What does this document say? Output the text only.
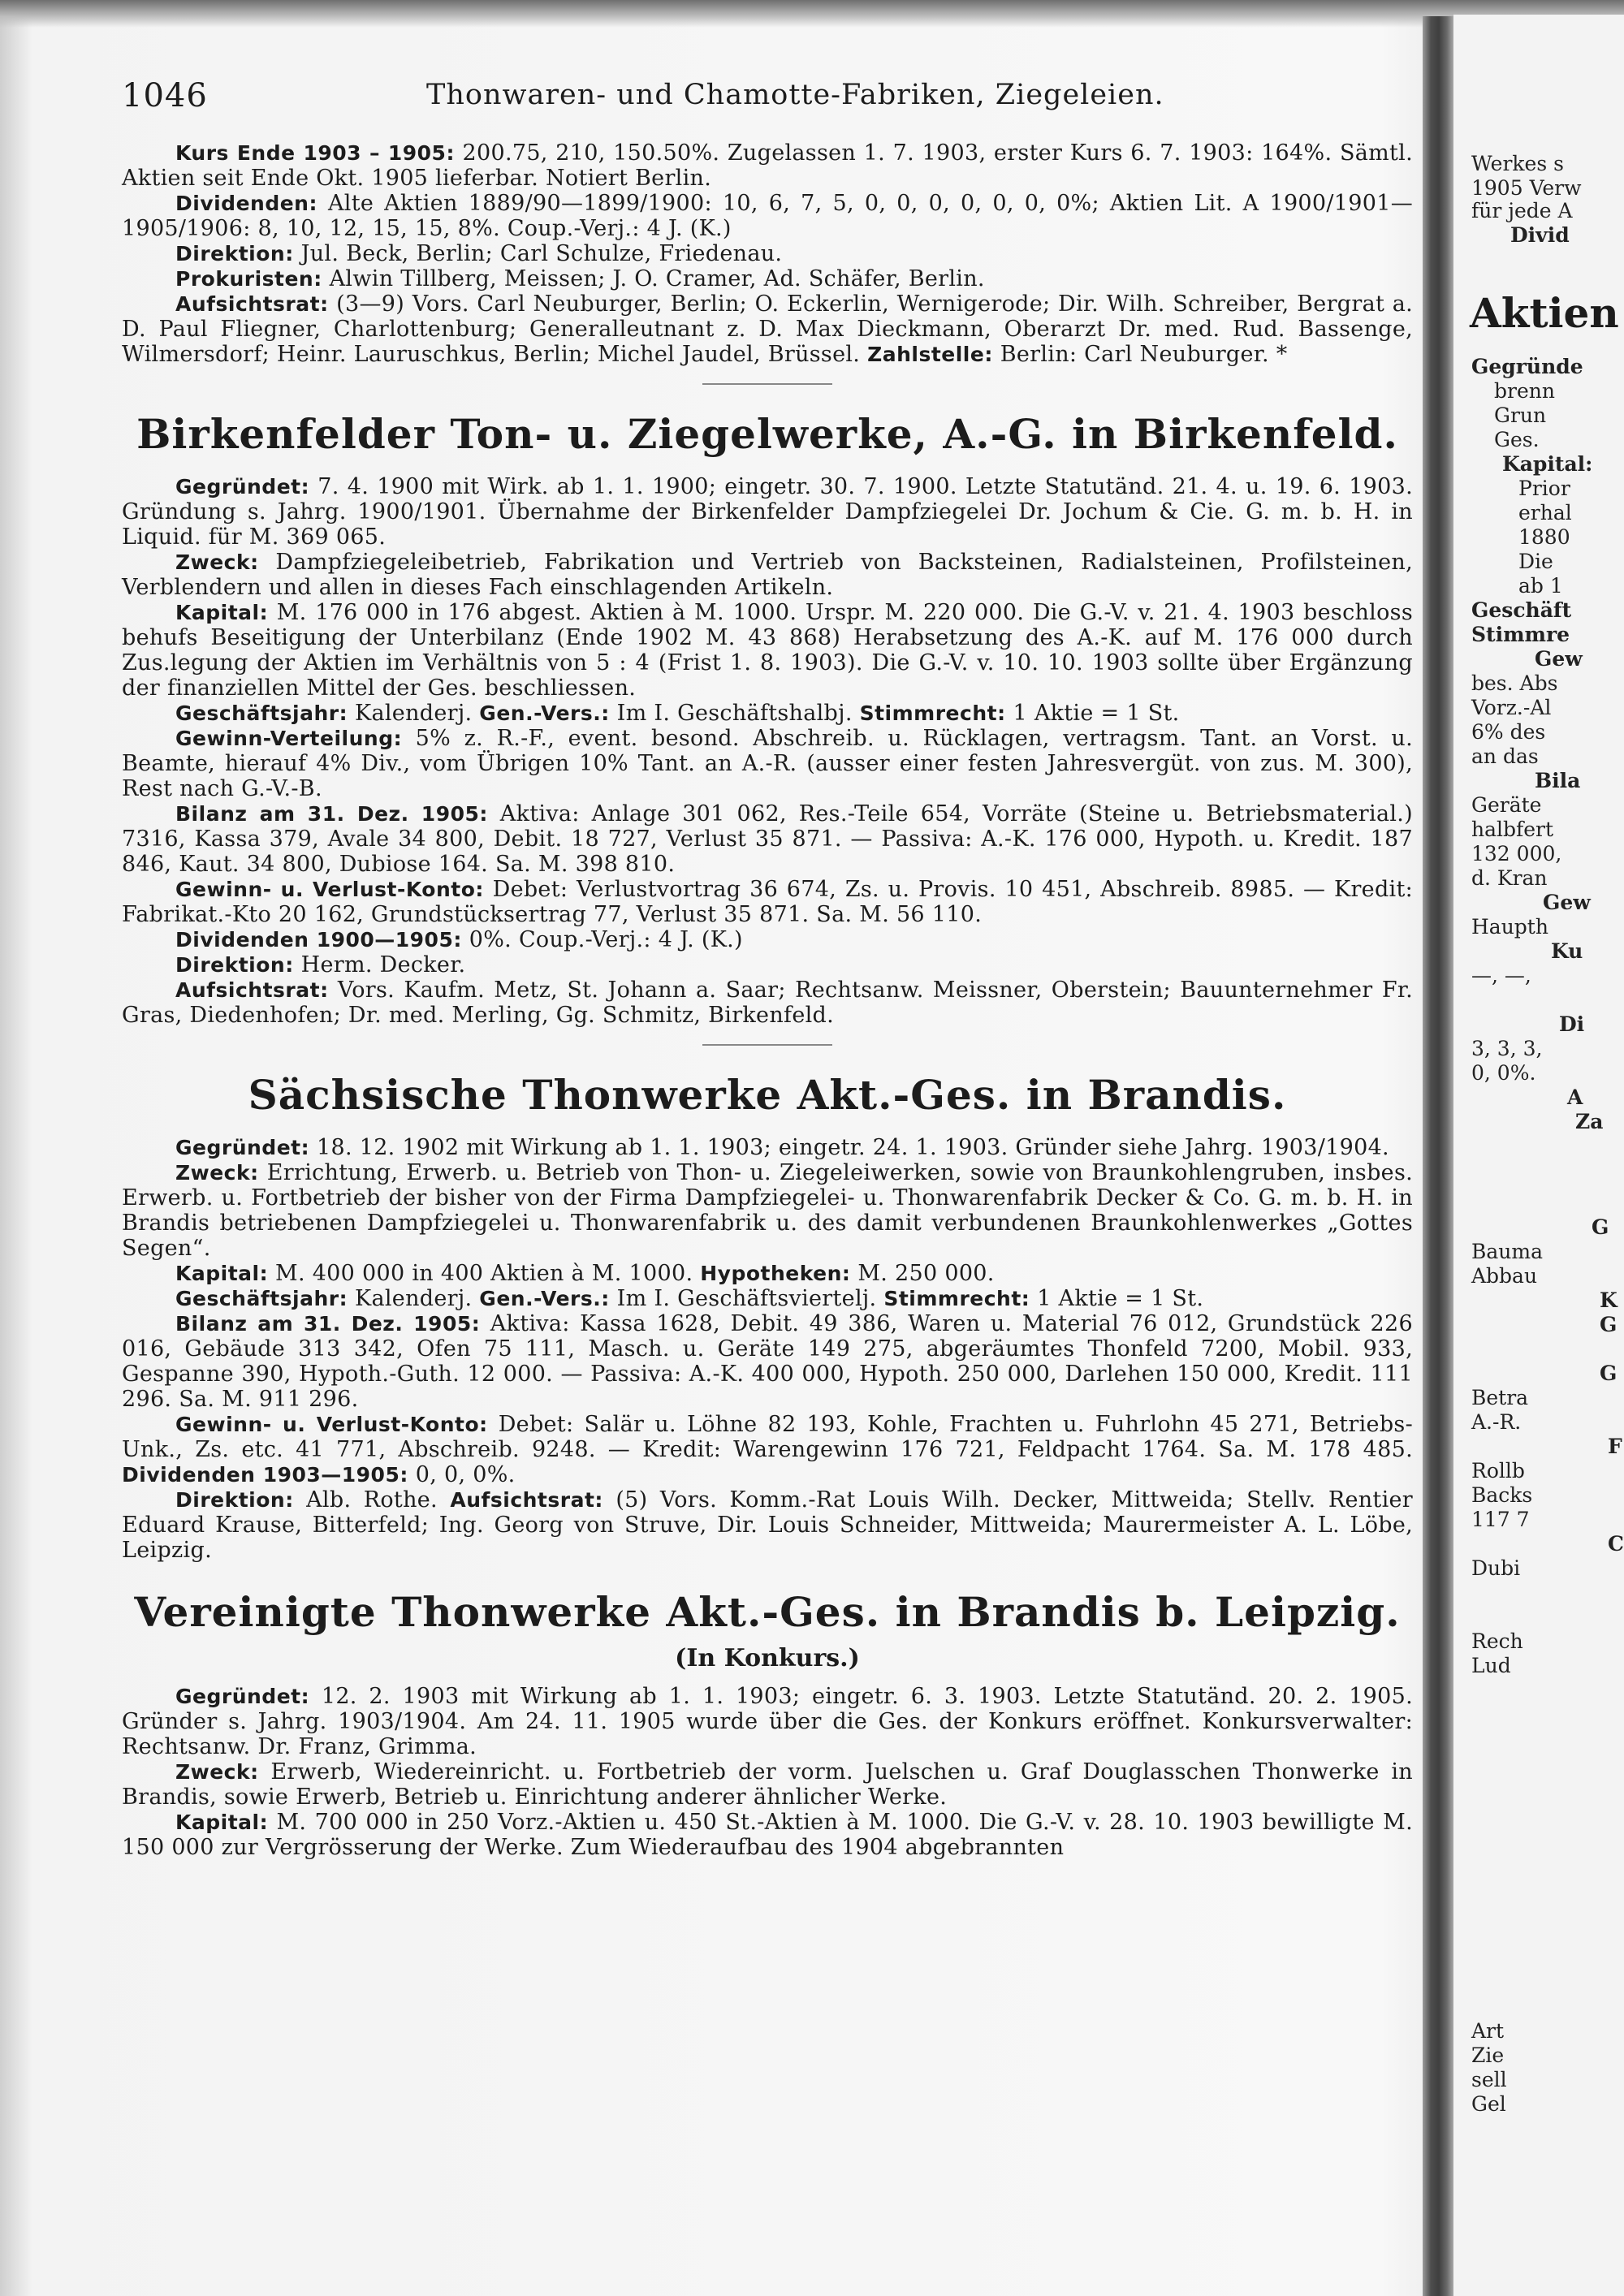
Werkes s
1905 Verw
für jede A
Divid
Aktien
Gegründe
brenn
Grun
Ges.
Kapital:
Prior
erhal
1880
Die
ab 1
Geschäft
Stimmre
Gew
bes. Abs
Vorz.-Al
6% des
an das
Bila
Geräte
halbfert
132 000,
d. Kran
Gew
Haupth
Ku
—, —,
Di
3, 3, 3,
0, 0%.
A
Za
G
Bauma
Abbau
K
G
G
Betra
A.-R.
F
Rollb
Backs
117 7
C
Dubi
Rech
Lud
Art
Zie
sell
Gel
1046	Thonwaren- und Chamotte-Fabriken, Ziegeleien.

Kurs Ende 1903 – 1905: 200.75, 210, 150.50%. Zugelassen 1. 7. 1903, erster Kurs 6. 7. 1903: 164%. Sämtl. Aktien seit Ende Okt. 1905 lieferbar. Notiert Berlin.

Dividenden: Alte Aktien 1889/90—1899/1900: 10, 6, 7, 5, 0, 0, 0, 0, 0, 0, 0%; Aktien Lit. A 1900/1901—1905/1906: 8, 10, 12, 15, 15, 8%. Coup.-Verj.: 4 J. (K.)

Direktion: Jul. Beck, Berlin; Carl Schulze, Friedenau.

Prokuristen: Alwin Tillberg, Meissen; J. O. Cramer, Ad. Schäfer, Berlin.

Aufsichtsrat: (3—9) Vors. Carl Neuburger, Berlin; O. Eckerlin, Wernigerode; Dir. Wilh. Schreiber, Bergrat a. D. Paul Fliegner, Charlottenburg; Generalleutnant z. D. Max Dieckmann, Oberarzt Dr. med. Rud. Bassenge, Wilmersdorf; Heinr. Lauruschkus, Berlin; Michel Jaudel, Brüssel. Zahlstelle: Berlin: Carl Neuburger. *

Birkenfelder Ton- u. Ziegelwerke, A.-G. in Birkenfeld.

Gegründet: 7. 4. 1900 mit Wirk. ab 1. 1. 1900; eingetr. 30. 7. 1900. Letzte Statutänd. 21. 4. u. 19. 6. 1903. Gründung s. Jahrg. 1900/1901. Übernahme der Birkenfelder Dampfziegelei Dr. Jochum & Cie. G. m. b. H. in Liquid. für M. 369 065.

Zweck: Dampfziegeleibetrieb, Fabrikation und Vertrieb von Backsteinen, Radialsteinen, Profilsteinen, Verblendern und allen in dieses Fach einschlagenden Artikeln.

Kapital: M. 176 000 in 176 abgest. Aktien à M. 1000. Urspr. M. 220 000. Die G.-V. v. 21. 4. 1903 beschloss behufs Beseitigung der Unterbilanz (Ende 1902 M. 43 868) Herabsetzung des A.-K. auf M. 176 000 durch Zus.legung der Aktien im Verhältnis von 5 : 4 (Frist 1. 8. 1903). Die G.-V. v. 10. 10. 1903 sollte über Ergänzung der finanziellen Mittel der Ges. beschliessen.

Geschäftsjahr: Kalenderj. Gen.-Vers.: Im I. Geschäftshalbj. Stimmrecht: 1 Aktie = 1 St.

Gewinn-Verteilung: 5% z. R.-F., event. besond. Abschreib. u. Rücklagen, vertragsm. Tant. an Vorst. u. Beamte, hierauf 4% Div., vom Übrigen 10% Tant. an A.-R. (ausser einer festen Jahresvergüt. von zus. M. 300), Rest nach G.-V.-B.

Bilanz am 31. Dez. 1905: Aktiva: Anlage 301 062, Res.-Teile 654, Vorräte (Steine u. Betriebsmaterial.) 7316, Kassa 379, Avale 34 800, Debit. 18 727, Verlust 35 871. — Passiva: A.-K. 176 000, Hypoth. u. Kredit. 187 846, Kaut. 34 800, Dubiose 164. Sa. M. 398 810.

Gewinn- u. Verlust-Konto: Debet: Verlustvortrag 36 674, Zs. u. Provis. 10 451, Abschreib. 8985. — Kredit: Fabrikat.-Kto 20 162, Grundstücksertrag 77, Verlust 35 871. Sa. M. 56 110.

Dividenden 1900—1905: 0%. Coup.-Verj.: 4 J. (K.)

Direktion: Herm. Decker.

Aufsichtsrat: Vors. Kaufm. Metz, St. Johann a. Saar; Rechtsanw. Meissner, Oberstein; Bauunternehmer Fr. Gras, Diedenhofen; Dr. med. Merling, Gg. Schmitz, Birkenfeld.

Sächsische Thonwerke Akt.-Ges. in Brandis.

Gegründet: 18. 12. 1902 mit Wirkung ab 1. 1. 1903; eingetr. 24. 1. 1903. Gründer siehe Jahrg. 1903/1904.

Zweck: Errichtung, Erwerb. u. Betrieb von Thon- u. Ziegeleiwerken, sowie von Braunkohlengruben, insbes. Erwerb. u. Fortbetrieb der bisher von der Firma Dampfziegelei- u. Thonwarenfabrik Decker & Co. G. m. b. H. in Brandis betriebenen Dampfziegelei u. Thonwarenfabrik u. des damit verbundenen Braunkohlenwerkes „Gottes Segen“.

Kapital: M. 400 000 in 400 Aktien à M. 1000. Hypotheken: M. 250 000.

Geschäftsjahr: Kalenderj. Gen.-Vers.: Im I. Geschäftsviertelj. Stimmrecht: 1 Aktie = 1 St.

Bilanz am 31. Dez. 1905: Aktiva: Kassa 1628, Debit. 49 386, Waren u. Material 76 012, Grundstück 226 016, Gebäude 313 342, Ofen 75 111, Masch. u. Geräte 149 275, abgeräumtes Thonfeld 7200, Mobil. 933, Gespanne 390, Hypoth.-Guth. 12 000. — Passiva: A.-K. 400 000, Hypoth. 250 000, Darlehen 150 000, Kredit. 111 296. Sa. M. 911 296.

Gewinn- u. Verlust-Konto: Debet: Salär u. Löhne 82 193, Kohle, Frachten u. Fuhrlohn 45 271, Betriebs-Unk., Zs. etc. 41 771, Abschreib. 9248. — Kredit: Warengewinn 176 721, Feldpacht 1764. Sa. M. 178 485. Dividenden 1903—1905: 0, 0, 0%.

Direktion: Alb. Rothe. Aufsichtsrat: (5) Vors. Komm.-Rat Louis Wilh. Decker, Mittweida; Stellv. Rentier Eduard Krause, Bitterfeld; Ing. Georg von Struve, Dir. Louis Schneider, Mittweida; Maurermeister A. L. Löbe, Leipzig.

Vereinigte Thonwerke Akt.-Ges. in Brandis b. Leipzig.
(In Konkurs.)

Gegründet: 12. 2. 1903 mit Wirkung ab 1. 1. 1903; eingetr. 6. 3. 1903. Letzte Statutänd. 20. 2. 1905. Gründer s. Jahrg. 1903/1904. Am 24. 11. 1905 wurde über die Ges. der Konkurs eröffnet. Konkursverwalter: Rechtsanw. Dr. Franz, Grimma.

Zweck: Erwerb, Wiedereinricht. u. Fortbetrieb der vorm. Juelschen u. Graf Douglasschen Thonwerke in Brandis, sowie Erwerb, Betrieb u. Einrichtung anderer ähnlicher Werke.

Kapital: M. 700 000 in 250 Vorz.-Aktien u. 450 St.-Aktien à M. 1000. Die G.-V. v. 28. 10. 1903 bewilligte M. 150 000 zur Vergrösserung der Werke. Zum Wiederaufbau des 1904 abgebrannten
